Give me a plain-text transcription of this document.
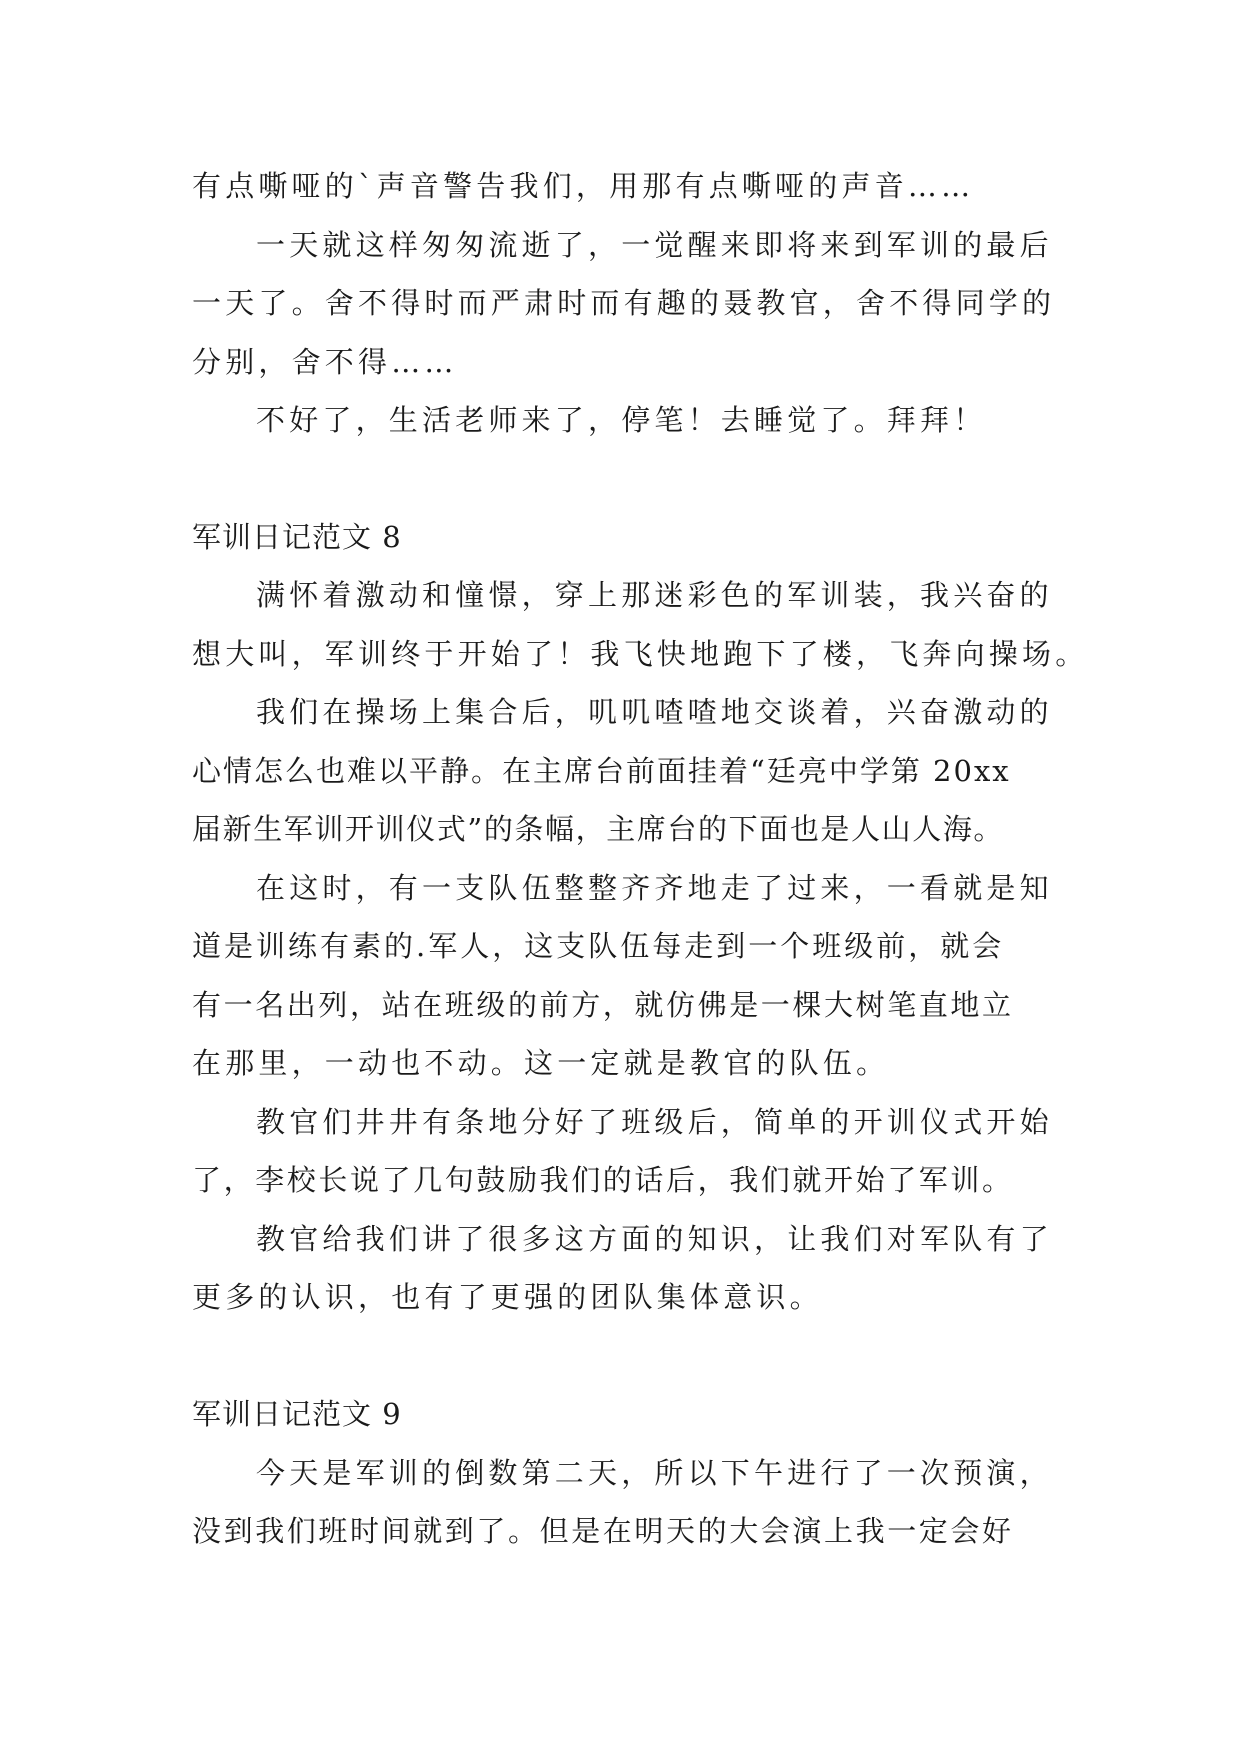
有点嘶哑的`声音警告我们，用那有点嘶哑的声音……
一天就这样匆匆流逝了，一觉醒来即将来到军训的最后
一天了。舍不得时而严肃时而有趣的聂教官，舍不得同学的
分别，舍不得……
不好了，生活老师来了，停笔！去睡觉了。拜拜！
军训日记范文 8
满怀着激动和憧憬，穿上那迷彩色的军训装，我兴奋的
想大叫，军训终于开始了！我飞快地跑下了楼，飞奔向操场。
我们在操场上集合后，叽叽喳喳地交谈着，兴奋激动的
心情怎么也难以平静。在主席台前面挂着“廷亮中学第 20xx
届新生军训开训仪式”的条幅，主席台的下面也是人山人海。
在这时，有一支队伍整整齐齐地走了过来，一看就是知
道是训练有素的.军人，这支队伍每走到一个班级前，就会
有一名出列，站在班级的前方，就仿佛是一棵大树笔直地立
在那里，一动也不动。这一定就是教官的队伍。
教官们井井有条地分好了班级后，简单的开训仪式开始
了，李校长说了几句鼓励我们的话后，我们就开始了军训。
教官给我们讲了很多这方面的知识，让我们对军队有了
更多的认识，也有了更强的团队集体意识。
军训日记范文 9
今天是军训的倒数第二天，所以下午进行了一次预演，
没到我们班时间就到了。但是在明天的大会演上我一定会好
